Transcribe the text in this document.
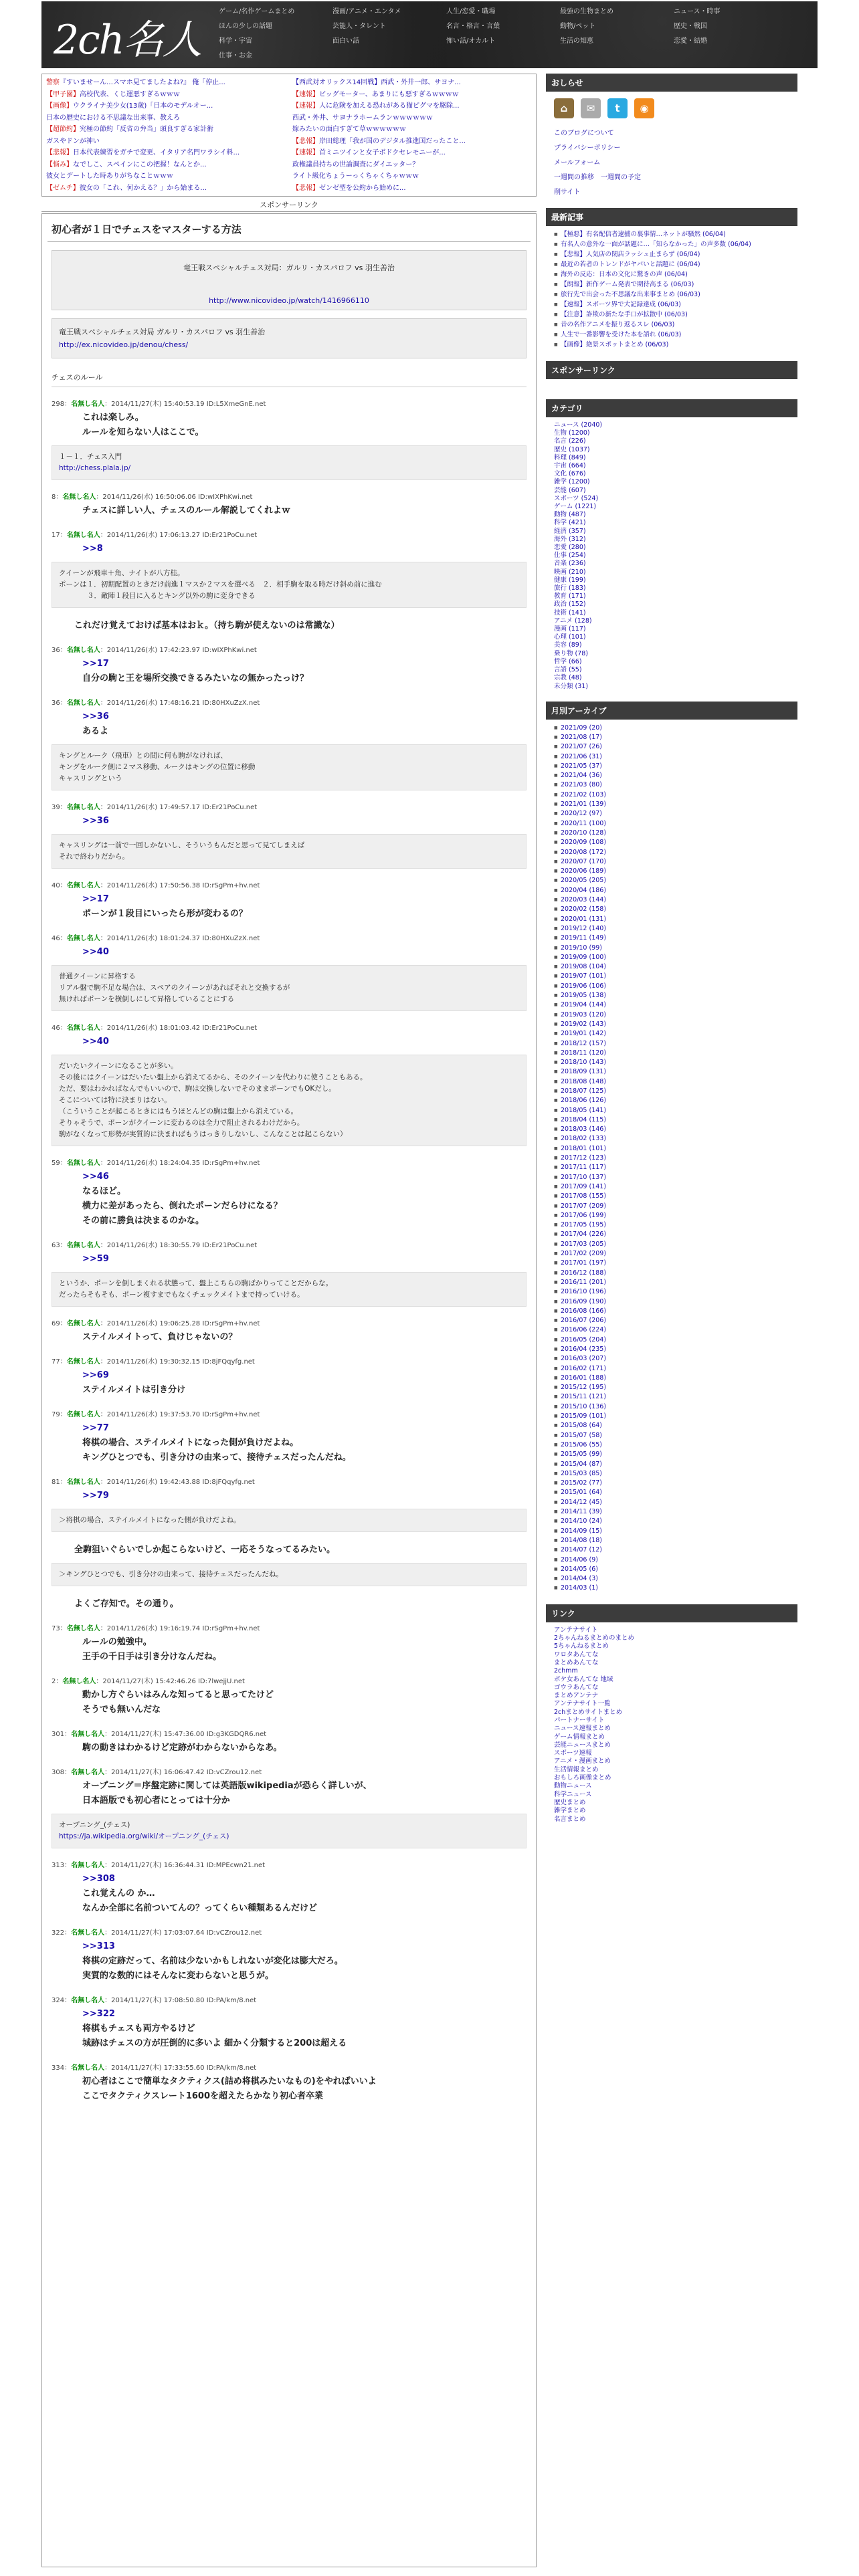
2ch名人
ゲーム/名作ゲームまとめ	漫画/アニメ・エンタメ	人生/恋愛・職場	最強の生物まとめ	ニュース・時事
ほんの少しの話題	芸能人・タレント	名言・格言・言葉	動物/ペット	歴史・戦国
科学・宇宙	面白い話	怖い話/オカルト	生活の知恵	恋愛・結婚
仕事・お金
警察『すいませーん…スマホ見てましたよね?』 俺「停止...
【甲子園】高校代表、くじ運悪すぎるｗｗｗ
【画像】ウクライナ美少女(13歳)「日本のモデルオー...
日本の歴史における不思議な出来事、教えろ
【超節約】究極の節約「反省の弁当」頭良すぎる家計術
ガスやドンが神い
【悲報】日本代表練習をガチで変更、イタリア名門ワラシイ料...
【悩み】なでしこ、スペインにこの把握！なんとか...
彼女とデートした時ありがちなことｗｗｗ
【ゼムチ】彼女の「これ、何かえる？」から始まる...
【西武対オリックス14回戦】西武・外井一郎、サヨナ...
【速報】ビッグモーター、あまりにも悪すぎるｗｗｗｗ
【速報】人に危険を加える恐れがある猫ピグマを駆除...
西武・外井、サヨナラホームランｗｗｗｗｗｗ
嫁みたいの面白すぎて草ｗｗｗｗｗｗ
【悲報】岸田総理「我が国のデジタル推進国だったこと...
【速報】首ミニツインと女子ボドクセレモニーが...
政権議員持ちの世論調査にダイエッター？
ライト級化ちょうーっくちゃくちゃｗｗｗ
【悲報】ゼンゼ型を公約から始めに...
スポンサーリンク
初心者が１日でチェスをマスターする方法
竜王戦スペシャルチェス対局：ガルリ・カスパロフ vs 羽生善治
http://www.nicovideo.jp/watch/1416966110
竜王戦スペシャルチェス対局 ガルリ・カスパロフ vs 羽生善治
http://ex.nicovideo.jp/denou/chess/
チェスのルール
298：名無し名人：2014/11/27(木) 15:40:53.19 ID:L5XmeGnE.net
これは楽しみ。
ルールを知らない人はここで。
１－１．チェス入門
http://chess.plala.jp/
8：名無し名人：2014/11/26(水) 16:50:06.06 ID:wIXPhKwi.net
チェスに詳しい人、チェスのルール解説してくれよｗ
17：名無し名人：2014/11/26(水) 17:06:13.27 ID:Er21PoCu.net
>>8
クイーンが飛車＋角、ナイトが八方桂。
ポーンは１．初期配置のときだけ前進１マスか２マスを選べる　２．相手駒を取る時だけ斜め前に進む
　　　　３．敵陣１段目に入るとキング以外の駒に変身できる
これだけ覚えておけば基本はおｋ。（持ち駒が使えないのは常識な）
36：名無し名人：2014/11/26(水) 17:42:23.97 ID:wIXPhKwi.net
>>17
自分の駒と王を場所交換できるみたいなの無かったっけ？
36：名無し名人：2014/11/26(水) 17:48:16.21 ID:80HXuZzX.net
>>36
あるよ
キングとルーク（飛車）との間に何も駒がなければ、
キングをルーク側に２マス移動、ルークはキングの位置に移動
キャスリングという
39：名無し名人：2014/11/26(水) 17:49:57.17 ID:Er21PoCu.net
>>36
キャスリングは一前で一回しかないし、そういうもんだと思って見てしまえば
それで終わりだから。
40：名無し名人：2014/11/26(水) 17:50:56.38 ID:rSgPm+hv.net
>>17
ポーンが１段目にいったら形が変わるの？
46：名無し名人：2014/11/26(水) 18:01:24.37 ID:80HXuZzX.net
>>40
普通クイーンに昇格する
リアル盤で駒不足な場合は、スペアのクイーンがあればそれと交換するが
無ければポーンを横倒しにして昇格していることにする
46：名無し名人：2014/11/26(水) 18:01:03.42 ID:Er21PoCu.net
>>40
だいたいクイーンになることが多い。
その後にはクイーンはだいたい盤上から消えてるから、そのクイーンを代わりに使うこともある。
ただ、要はわかればなんでもいいので、駒は交換しないでそのままポーンでもOKだし。
そこについては特に決まりはない。
（こういうことが起こるときにはもうほとんどの駒は盤上から消えている。
そりゃそうで、ポーンがクイーンに変わるのは全力で阻止されるわけだから。
駒がなくなって形勢が実質的に決まればもうはっきりしないし、こんなことは起こらない）
59：名無し名人：2014/11/26(水) 18:24:04.35 ID:rSgPm+hv.net
>>46
なるほど。
横力に差があったら、倒れたポーンだらけになる？
その前に勝負は決まるのかな。
63：名無し名人：2014/11/26(水) 18:30:55.79 ID:Er21PoCu.net
>>59
というか、ポーンを倒しまくれる状態って、盤上こちらの駒ばかりってことだからな。
だったらそもそも、ポーン複すまでもなくチェックメイトまで持っていける。
69：名無し名人：2014/11/26(水) 19:06:25.28 ID:rSgPm+hv.net
ステイルメイトって、負けじゃないの？
77：名無し名人：2014/11/26(水) 19:30:32.15 ID:8jFQqyfg.net
>>69
ステイルメイトは引き分け
79：名無し名人：2014/11/26(水) 19:37:53.70 ID:rSgPm+hv.net
>>77
将棋の場合、ステイルメイトになった側が負けだよね。
キングひとつでも、引き分けの由来って、接待チェスだったんだね。
81：名無し名人：2014/11/26(水) 19:42:43.88 ID:8jFQqyfg.net
>>79
＞将棋の場合、ステイルメイトになった側が負けだよね。
全駒狙いぐらいでしか起こらないけど、一応そうなってるみたい。
＞キングひとつでも、引き分けの由来って、接待チェスだったんだね。
よくご存知で。その通り。
73：名無し名人：2014/11/26(水) 19:16:19.74 ID:rSgPm+hv.net
ルールの勉強中。
王手の千日手は引き分けなんだね。
2：名無し名人：2014/11/27(木) 15:42:46.26 ID:7lwejjU.net
動かし方ぐらいはみんな知ってると思ってたけど
そうでも無いんだな
301：名無し名人：2014/11/27(木) 15:47:36.00 ID:g3KGDQR6.net
駒の動きはわかるけど定跡がわからないからなあ。
308：名無し名人：2014/11/27(木) 16:06:47.42 ID:vCZrou12.net
オープニング＝序盤定跡に関しては英語版wikipediaが恐らく詳しいが、
日本語版でも初心者にとっては十分か
オープニング_(チェス)
https://ja.wikipedia.org/wiki/オープニング_(チェス)
313：名無し名人：2014/11/27(木) 16:36:44.31 ID:MPEcwn21.net
>>308
これ覚えんの か…
なんか全部に名前ついてんの？ってくらい種類あるんだけど
322：名無し名人：2014/11/27(木) 17:03:07.64 ID:vCZrou12.net
>>313
将棋の定跡だって、名前は少ないかもしれないが変化は膨大だろ。
実質的な数的にはそんなに変わらないと思うが。
324：名無し名人：2014/11/27(木) 17:08:50.80 ID:PA/km/8.net
>>322
将棋もチェスも両方やるけど
城跡はチェスの方が圧倒的に多いよ 細かく分類すると200は超える
334：名無し名人：2014/11/27(木) 17:33:55.60 ID:PA/km/8.net
初心者はここで簡単なタクティクス(詰め将棋みたいなもの)をやればいいよ
ここでタクティクスレート1600を超えたらかなり初心者卒業
おしらせ
⌂	✉	t	◉
このブログについて
プライバシーポリシー
メールフォーム
一週間の推移　一週間の予定
削サイト
最新記事
■ 【極悪】有名配信者逮捕の裏事情…ネットが騒然 (06/04)
■ 有名人の意外な一面が話題に…「知らなかった」の声多数 (06/04)
■ 【悲報】人気店の閉店ラッシュ止まらず (06/04)
■ 最近の若者のトレンドがヤバいと話題に (06/04)
■ 海外の反応：日本の文化に驚きの声 (06/04)
■ 【朗報】新作ゲーム発表で期待高まる (06/03)
■ 旅行先で出会った不思議な出来事まとめ (06/03)
■ 【速報】スポーツ界で大記録達成 (06/03)
■ 【注意】詐欺の新たな手口が拡散中 (06/03)
■ 昔の名作アニメを振り返るスレ (06/03)
■ 人生で一番影響を受けた本を語れ (06/03)
■ 【画像】絶景スポットまとめ (06/03)
スポンサーリンク
カテゴリ
ニュース (2040)
生物 (1200)
名言 (226)
歴史 (1037)
料理 (849)
宇宙 (664)
文化 (676)
雑学 (1200)
芸能 (607)
スポーツ (524)
ゲーム (1221)
動物 (487)
科学 (421)
経済 (357)
海外 (312)
恋愛 (280)
仕事 (254)
音楽 (236)
映画 (210)
健康 (199)
旅行 (183)
教育 (171)
政治 (152)
技術 (141)
アニメ (128)
漫画 (117)
心理 (101)
美容 (89)
乗り物 (78)
哲学 (66)
言語 (55)
宗教 (48)
未分類 (31)
月別アーカイブ
■ 2021/09 (20)
■ 2021/08 (17)
■ 2021/07 (26)
■ 2021/06 (31)
■ 2021/05 (37)
■ 2021/04 (36)
■ 2021/03 (80)
■ 2021/02 (103)
■ 2021/01 (139)
■ 2020/12 (97)
■ 2020/11 (100)
■ 2020/10 (128)
■ 2020/09 (108)
■ 2020/08 (172)
■ 2020/07 (170)
■ 2020/06 (189)
■ 2020/05 (205)
■ 2020/04 (186)
■ 2020/03 (144)
■ 2020/02 (158)
■ 2020/01 (131)
■ 2019/12 (140)
■ 2019/11 (149)
■ 2019/10 (99)
■ 2019/09 (100)
■ 2019/08 (104)
■ 2019/07 (101)
■ 2019/06 (106)
■ 2019/05 (138)
■ 2019/04 (144)
■ 2019/03 (120)
■ 2019/02 (143)
■ 2019/01 (142)
■ 2018/12 (157)
■ 2018/11 (120)
■ 2018/10 (143)
■ 2018/09 (131)
■ 2018/08 (148)
■ 2018/07 (125)
■ 2018/06 (126)
■ 2018/05 (141)
■ 2018/04 (115)
■ 2018/03 (146)
■ 2018/02 (133)
■ 2018/01 (101)
■ 2017/12 (123)
■ 2017/11 (117)
■ 2017/10 (137)
■ 2017/09 (141)
■ 2017/08 (155)
■ 2017/07 (209)
■ 2017/06 (199)
■ 2017/05 (195)
■ 2017/04 (226)
■ 2017/03 (205)
■ 2017/02 (209)
■ 2017/01 (197)
■ 2016/12 (188)
■ 2016/11 (201)
■ 2016/10 (196)
■ 2016/09 (190)
■ 2016/08 (166)
■ 2016/07 (206)
■ 2016/06 (224)
■ 2016/05 (204)
■ 2016/04 (235)
■ 2016/03 (207)
■ 2016/02 (171)
■ 2016/01 (188)
■ 2015/12 (195)
■ 2015/11 (121)
■ 2015/10 (136)
■ 2015/09 (101)
■ 2015/08 (64)
■ 2015/07 (58)
■ 2015/06 (55)
■ 2015/05 (99)
■ 2015/04 (87)
■ 2015/03 (85)
■ 2015/02 (77)
■ 2015/01 (64)
■ 2014/12 (45)
■ 2014/11 (39)
■ 2014/10 (24)
■ 2014/09 (15)
■ 2014/08 (18)
■ 2014/07 (12)
■ 2014/06 (9)
■ 2014/05 (6)
■ 2014/04 (3)
■ 2014/03 (1)
リンク
アンテナサイト
2ちゃんねるまとめのまとめ
5ちゃんねるまとめ
ワロタあんてな
まとめあんてな
2chmm
ポケ女あんてな 地域
ゴウラあんてな
まとめアンテナ
アンテナサイト一覧
2chまとめサイトまとめ
パートナーサイト
ニュース速報まとめ
ゲーム情報まとめ
芸能ニュースまとめ
スポーツ速報
アニメ・漫画まとめ
生活情報まとめ
おもしろ画像まとめ
動物ニュース
科学ニュース
歴史まとめ
雑学まとめ
名言まとめ
